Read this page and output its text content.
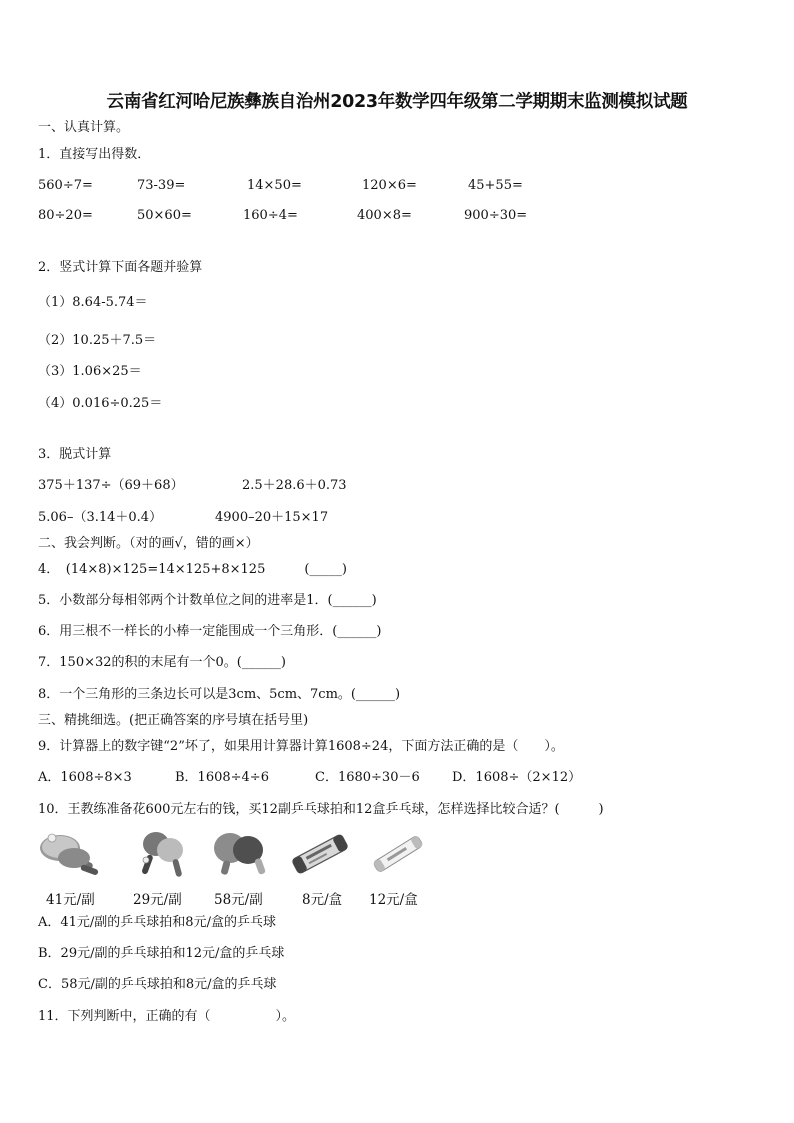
云南省红河哈尼族彝族自治州2023年数学四年级第二学期期末监测模拟试题
一、认真计算。
1．直接写出得数．
560÷7=	73-39=	14×50=	120×6=	45+55=
80÷20=	50×60=	160÷4=	400×8=	900÷30=
2．竖式计算下面各题并验算
（1）8.64-5.74＝
（2）10.25＋7.5＝
（3）1.06×25＝
（4）0.016÷0.25＝
3．脱式计算
375＋137÷（69＋68）	2.5＋28.6＋0.73
5.06–（3.14＋0.4）	4900–20＋15×17
二、我会判断。（对的画√，错的画×）
4．　(14×8)×125=14×125+8×125　　　(_____)
5．小数部分每相邻两个计数单位之间的进率是1．(______)
6．用三根不一样长的小棒一定能围成一个三角形．(______)
7．150×32的积的末尾有一个0。(______)
8．一个三角形的三条边长可以是3cm、5cm、7cm。(______)
三、精挑细选。(把正确答案的序号填在括号里)
9．计算器上的数字键“2”坏了，如果用计算器计算1608÷24，下面方法正确的是（　　）。
A．1608÷8×3	B．1608÷4÷6	C．1680÷30－6 D．1608÷（2×12）
10．王教练准备花600元左右的钱，买12副乒乓球拍和12盒乒乓球，怎样选择比较合适？(　　　)
41元/副	29元/副 58元/副	8元/盒 12元/盒
A．41元/副的乒乓球拍和8元/盒的乒乓球
B．29元/副的乒乓球拍和12元/盒的乒乓球
C．58元/副的乒乓球拍和8元/盒的乒乓球
11．下列判断中，正确的有（　　　　　）。
